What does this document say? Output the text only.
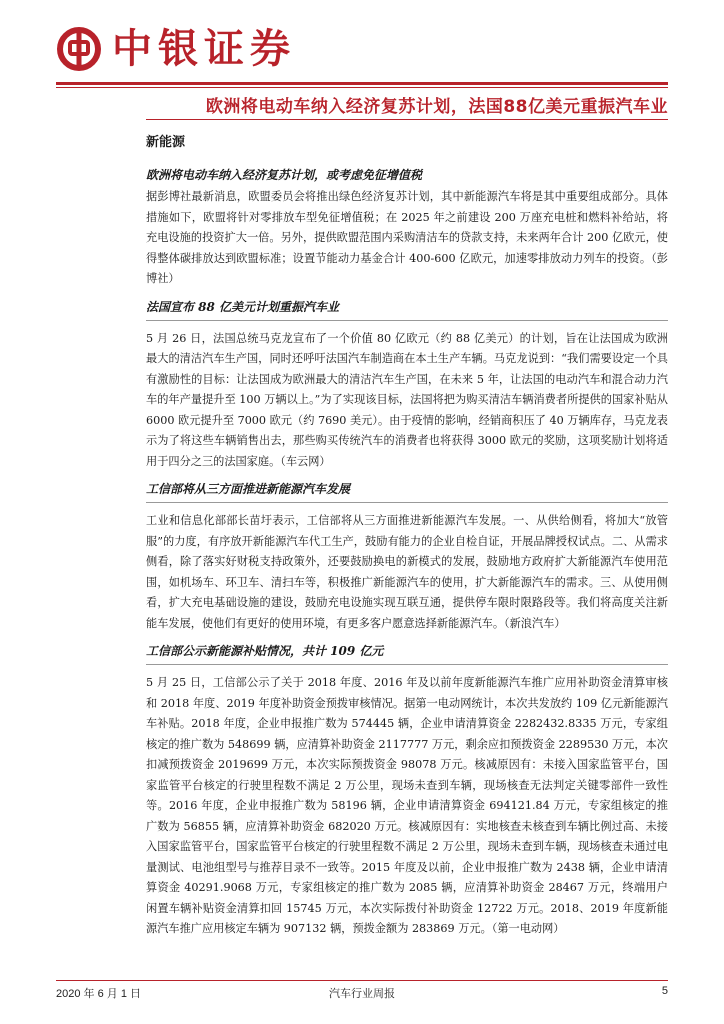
中银证券
欧洲将电动车纳入经济复苏计划，法国88亿美元重振汽车业
新能源
欧洲将电动车纳入经济复苏计划，或考虑免征增值税

据彭博社最新消息，欧盟委员会将推出绿色经济复苏计划，其中新能源汽车将是其中重要组成部分。具体措施如下，欧盟将针对零排放车型免征增值税；在 2025 年之前建设 200 万座充电桩和燃料补给站，将充电设施的投资扩大一倍。另外，提供欧盟范围内采购清洁车的贷款支持，未来两年合计 200 亿欧元，使得整体碳排放达到欧盟标准；设置节能动力基金合计 400-600 亿欧元，加速零排放动力列车的投资。（彭博社）

法国宣布 88 亿美元计划重振汽车业

5 月 26 日，法国总统马克龙宣布了一个价值 80 亿欧元（约 88 亿美元）的计划，旨在让法国成为欧洲最大的清洁汽车生产国，同时还呼吁法国汽车制造商在本土生产车辆。马克龙说到：“我们需要设定一个具有激励性的目标：让法国成为欧洲最大的清洁汽车生产国，在未来 5 年，让法国的电动汽车和混合动力汽车的年产量提升至 100 万辆以上。”为了实现该目标，法国将把为购买清洁车辆消费者所提供的国家补贴从 6000 欧元提升至 7000 欧元（约 7690 美元）。由于疫情的影响，经销商积压了 40 万辆库存，马克龙表示为了将这些车辆销售出去，那些购买传统汽车的消费者也将获得 3000 欧元的奖励，这项奖励计划将适用于四分之三的法国家庭。（车云网）

工信部将从三方面推进新能源汽车发展

工业和信息化部部长苗圩表示，工信部将从三方面推进新能源汽车发展。一、从供给侧看，将加大“放管服”的力度，有序放开新能源汽车代工生产，鼓励有能力的企业自检自证，开展品牌授权试点。二、从需求侧看，除了落实好财税支持政策外，还要鼓励换电的新模式的发展，鼓励地方政府扩大新能源汽车使用范围，如机场车、环卫车、清扫车等，积极推广新能源汽车的使用，扩大新能源汽车的需求。三、从使用侧看，扩大充电基础设施的建设，鼓励充电设施实现互联互通，提供停车限时限路段等。我们将高度关注新能车发展，使他们有更好的使用环境，有更多客户愿意选择新能源汽车。（新浪汽车）

工信部公示新能源补贴情况，共计 109 亿元

5 月 25 日，工信部公示了关于 2018 年度、2016 年及以前年度新能源汽车推广应用补助资金清算审核和 2018 年度、2019 年度补助资金预拨审核情况。据第一电动网统计，本次共发放约 109 亿元新能源汽车补贴。2018 年度，企业申报推广数为 574445 辆，企业申请清算资金 2282432.8335 万元，专家组核定的推广数为 548699 辆，应清算补助资金 2117777 万元，剩余应扣预拨资金 2289530 万元，本次扣减预拨资金 2019699 万元，本次实际预拨资金 98078 万元。核减原因有：未接入国家监管平台，国家监管平台核定的行驶里程数不满足 2 万公里，现场未查到车辆，现场核查无法判定关键零部件一致性等。2016 年度，企业申报推广数为 58196 辆，企业申请清算资金 694121.84 万元，专家组核定的推广数为 56855 辆，应清算补助资金 682020 万元。核减原因有：实地核查未核查到车辆比例过高、未接入国家监管平台，国家监管平台核定的行驶里程数不满足 2 万公里，现场未查到车辆，现场核查未通过电量测试、电池组型号与推荐目录不一致等。2015 年度及以前，企业申报推广数为 2438 辆，企业申请清算资金 40291.9068 万元，专家组核定的推广数为 2085 辆，应清算补助资金 28467 万元，终端用户闲置车辆补贴资金清算扣回 15745 万元，本次实际拨付补助资金 12722 万元。2018、2019 年度新能源汽车推广应用核定车辆为 907132 辆，预拨金额为 283869 万元。（第一电动网）

2020 年 6 月 1 日	汽车行业周报	5
